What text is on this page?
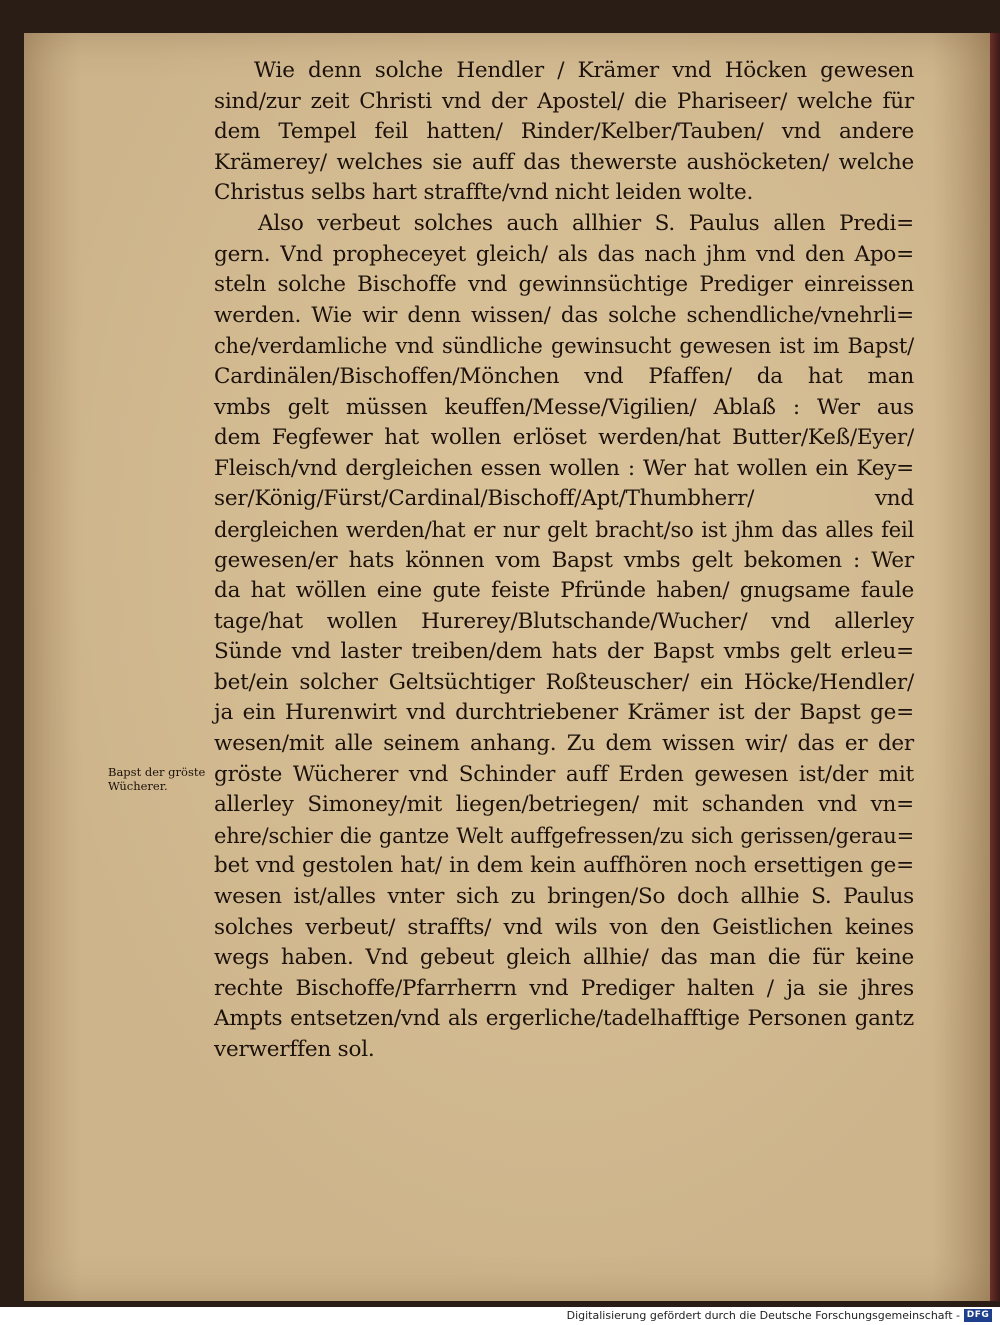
Wie denn solche Hendler / Krämer vnd Höcken gewesen
sind/zur zeit Christi vnd der Apostel/ die Phariseer/ welche für
dem Tempel feil hatten/ Rinder/Kelber/Tauben/ vnd andere
Krämerey/ welches sie auff das thewerste aushöcketen/ welche
Christus selbs hart straffte/vnd nicht leiden wolte.
Also verbeut solches auch allhier S. Paulus allen Predi=
gern. Vnd propheceyet gleich/ als das nach jhm vnd den Apo=
steln solche Bischoffe vnd gewinnsüchtige Prediger einreissen
werden. Wie wir denn wissen/ das solche schendliche/vnehrli=
che/verdamliche vnd sündliche gewinsucht gewesen ist im Bapst/
Cardinälen/Bischoffen/Mönchen vnd Pfaffen/ da hat man
vmbs gelt müssen keuffen/Messe/Vigilien/ Ablaß : Wer aus
dem Fegfewer hat wollen erlöset werden/hat Butter/Keß/Eyer/
Fleisch/vnd dergleichen essen wollen : Wer hat wollen ein Key=
ser/König/Fürst/Cardinal/Bischoff/Apt/Thumbherr/ vnd
dergleichen werden/hat er nur gelt bracht/so ist jhm das alles feil
gewesen/er hats können vom Bapst vmbs gelt bekomen : Wer
da hat wöllen eine gute feiste Pfründe haben/ gnugsame faule
tage/hat wollen Hurerey/Blutschande/Wucher/ vnd allerley
Sünde vnd laster treiben/dem hats der Bapst vmbs gelt erleu=
bet/ein solcher Geltsüchtiger Roßteuscher/ ein Höcke/Hendler/
ja ein Hurenwirt vnd durchtriebener Krämer ist der Bapst ge=
wesen/mit alle seinem anhang. Zu dem wissen wir/ das er der
gröste Wücherer vnd Schinder auff Erden gewesen ist/der mit
allerley Simoney/mit liegen/betriegen/ mit schanden vnd vn=
ehre/schier die gantze Welt auffgefressen/zu sich gerissen/gerau=
bet vnd gestolen hat/ in dem kein auffhören noch ersettigen ge=
wesen ist/alles vnter sich zu bringen/So doch allhie S. Paulus
solches verbeut/ straffts/ vnd wils von den Geistlichen keines
wegs haben. Vnd gebeut gleich allhie/ das man die für keine
rechte Bischoffe/Pfarrherrn vnd Prediger halten / ja sie jhres
Ampts entsetzen/vnd als ergerliche/tadelhafftige Personen gantz
verwerffen sol.
Bapst der gröste
Wücherer.
Digitalisierung gefördert durch die Deutsche Forschungsgemeinschaft - DFG
